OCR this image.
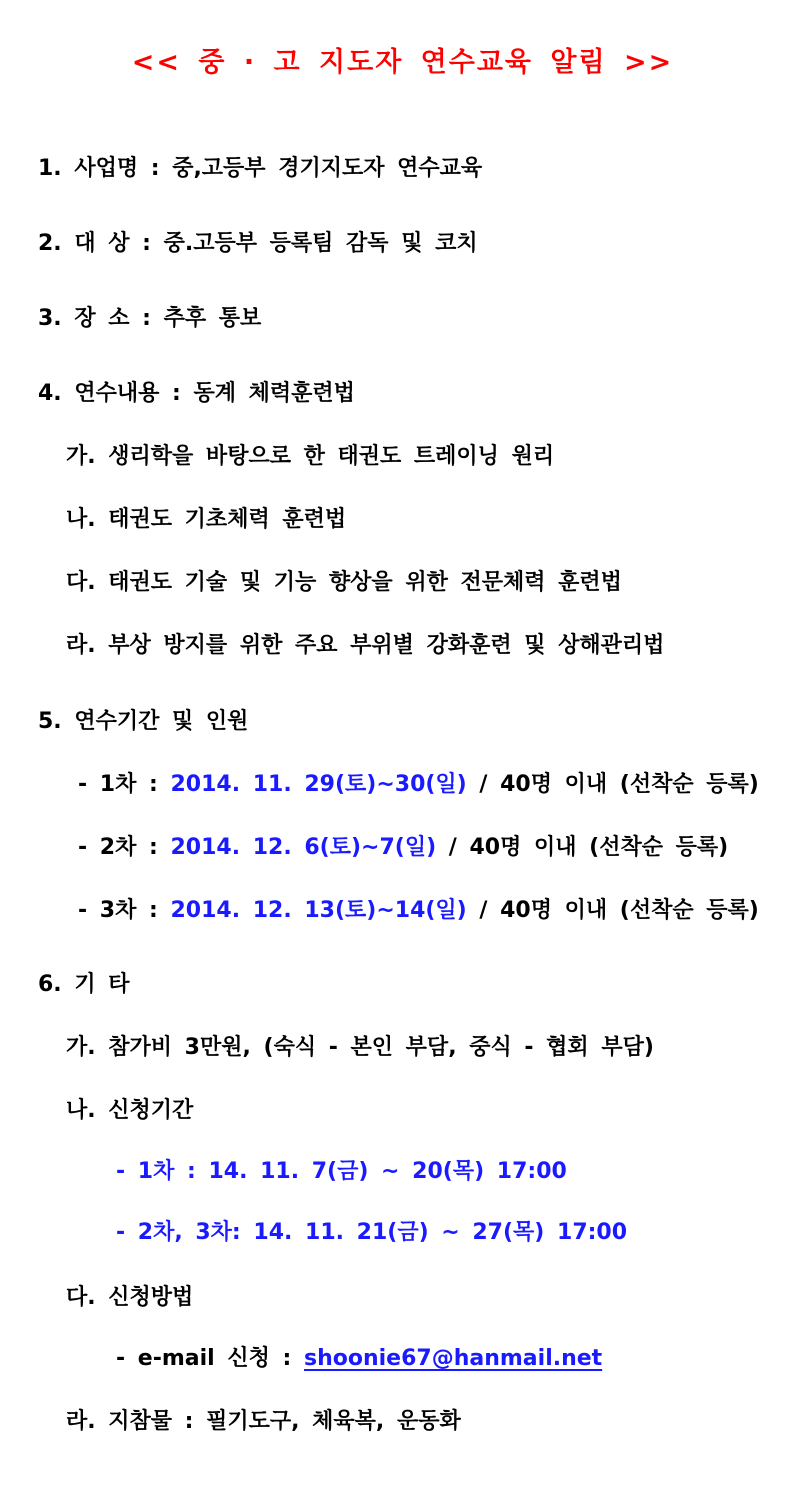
<< 중 · 고 지도자 연수교육 알림 >>
1. 사업명 : 중,고등부 경기지도자 연수교육
2. 대 상 : 중.고등부 등록팀 감독 및 코치
3. 장 소 : 추후 통보
4. 연수내용 : 동계 체력훈련법
가. 생리학을 바탕으로 한 태권도 트레이닝 원리
나. 태권도 기초체력 훈련법
다. 태권도 기술 및 기능 향상을 위한 전문체력 훈련법
라. 부상 방지를 위한 주요 부위별 강화훈련 및 상해관리법
5. 연수기간 및 인원
- 1차 : 2014. 11. 29(토)~30(일) / 40명 이내 (선착순 등록)
- 2차 : 2014. 12. 6(토)~7(일) / 40명 이내 (선착순 등록)
- 3차 : 2014. 12. 13(토)~14(일) / 40명 이내 (선착순 등록)
6. 기 타
가. 참가비 3만원, (숙식 - 본인 부담, 중식 - 협회 부담)
나. 신청기간
- 1차 : 14. 11. 7(금) ~ 20(목) 17:00
- 2차, 3차: 14. 11. 21(금) ~ 27(목) 17:00
다. 신청방법
- e-mail 신청 : shoonie67@hanmail.net
라. 지참물 : 필기도구, 체육복, 운동화
